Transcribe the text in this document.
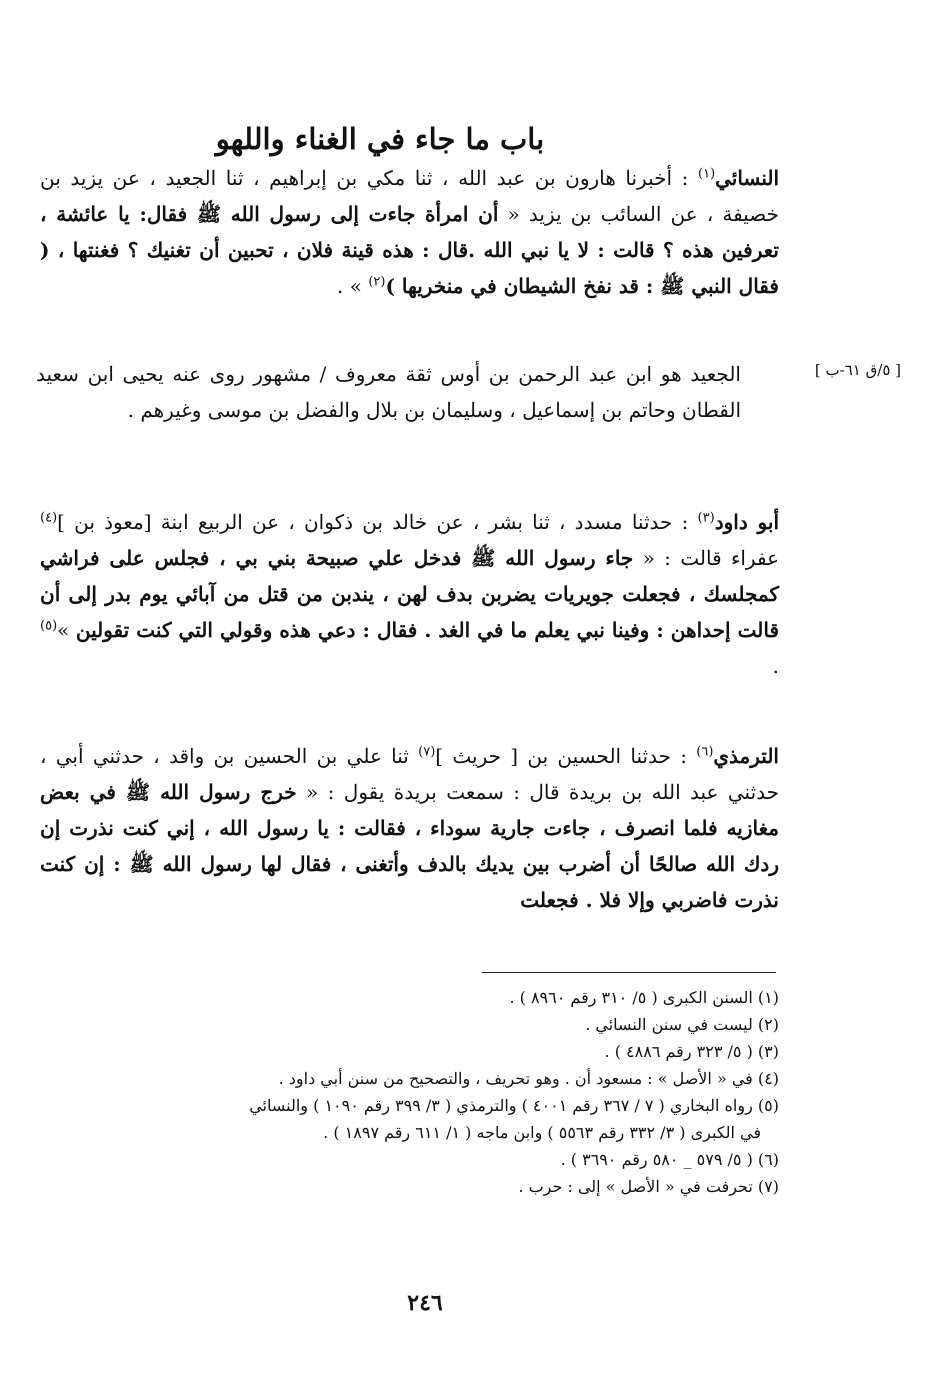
باب ما جاء في الغناء واللهو

النسائي$^{(١)}$ : أخبرنا هارون بن عبد الله ، ثنا مكي بن إبراهيم ، ثنا الجعيد ، عن يزيد بن خصيفة ، عن السائب بن يزيد « أن امرأة جاءت إلى رسول الله ﷺ فقال: يا عائشة ، تعرفين هذه ؟ قالت : لا يا نبي الله .قال : هذه قينة فلان ، تحبين أن تغنيك ؟ فغنتها ، ( فقال النبي ﷺ : قد نفخ الشيطان في منخريها )$^{(٢)}$ » .

[ ٥/ق ٦١-ب ]

الجعيد هو ابن عبد الرحمن بن أوس ثقة معروف / مشهور روى عنه يحيى ابن سعيد القطان وحاتم بن إسماعيل ، وسليمان بن بلال والفضل بن موسى وغيرهم .

أبو داود$^{(٣)}$ : حدثنا مسدد ، ثنا بشر ، عن خالد بن ذكوان ، عن الربيع ابنة [معوذ بن ]$^{(٤)}$ عفراء قالت : « جاء رسول الله ﷺ فدخل علي صبيحة بني بي ، فجلس على فراشي كمجلسك ، فجعلت جويريات يضربن بدف لهن ، يندبن من قتل من آبائي يوم بدر إلى أن قالت إحداهن : وفينا نبي يعلم ما في الغد . فقال : دعي هذه وقولي التي كنت تقولين »$^{(٥)}$ .

الترمذي$^{(٦)}$ : حدثنا الحسين بن [ حريث ]$^{(٧)}$ ثنا علي بن الحسين بن واقد ، حدثني أبي ، حدثني عبد الله بن بريدة قال : سمعت بريدة يقول : « خرج رسول الله ﷺ في بعض مغازيه فلما انصرف ، جاءت جارية سوداء ، فقالت : يا رسول الله ، إني كنت نذرت إن ردك الله صالحًا أن أضرب بين يديك بالدف وأتغنى ، فقال لها رسول الله ﷺ : إن كنت نذرت فاضربي وإلا فلا . فجعلت

(١) السنن الكبرى ( ٥/ ٣١٠ رقم ٨٩٦٠ ) .
(٢) ليست في سنن النسائي .
(٣) ( ٥/ ٣٢٣ رقم ٤٨٨٦ ) .
(٤) في « الأصل » : مسعود أن . وهو تحريف ، والتصحيح من سنن أبي داود .
(٥) رواه البخاري ( ٧ / ٣٦٧ رقم ٤٠٠١ ) والترمذي ( ٣/ ٣٩٩ رقم ١٠٩٠ ) والنسائي
في الكبرى ( ٣/ ٣٣٢ رقم ٥٥٦٣ ) وابن ماجه ( ١/ ٦١١ رقم ١٨٩٧ ) .
(٦) ( ٥/ ٥٧٩ _ ٥٨٠ رقم ٣٦٩٠ ) .
(٧) تحرفت في « الأصل » إلى : حرب .
٢٤٦
